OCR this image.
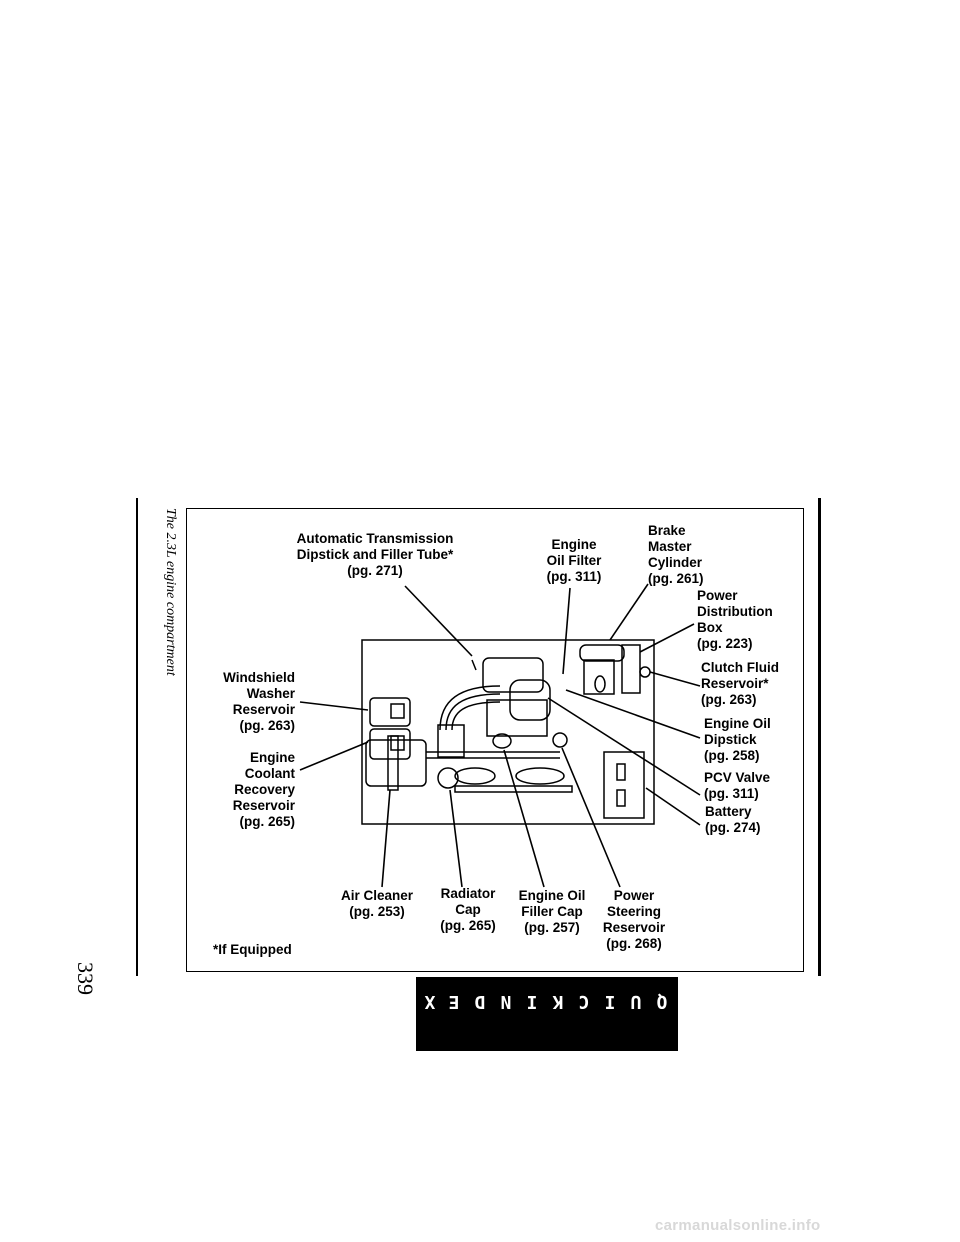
339
The 2.3L engine compartment	Automatic Transmission
Dipstick and Filler Tube*
(pg. 271)
Engine
Oil Filter
(pg. 311)
Brake
Master
Cylinder
(pg. 261)
Power
Distribution
Box
(pg. 223)
Clutch Fluid
Reservoir*
(pg. 263)
Engine Oil
Dipstick
(pg. 258)
PCV Valve
(pg. 311)
Battery
(pg. 274)
Windshield
Washer
Reservoir
(pg. 263)
Engine
Coolant
Recovery
Reservoir
(pg. 265)
Air Cleaner
(pg. 253)
Radiator
Cap
(pg. 265)
Engine Oil
Filler Cap
(pg. 257)
Power
Steering
Reservoir
(pg. 268)
*If Equipped
Q
U
I
C
K
I
N
D
E
X
carmanualsonline.info
